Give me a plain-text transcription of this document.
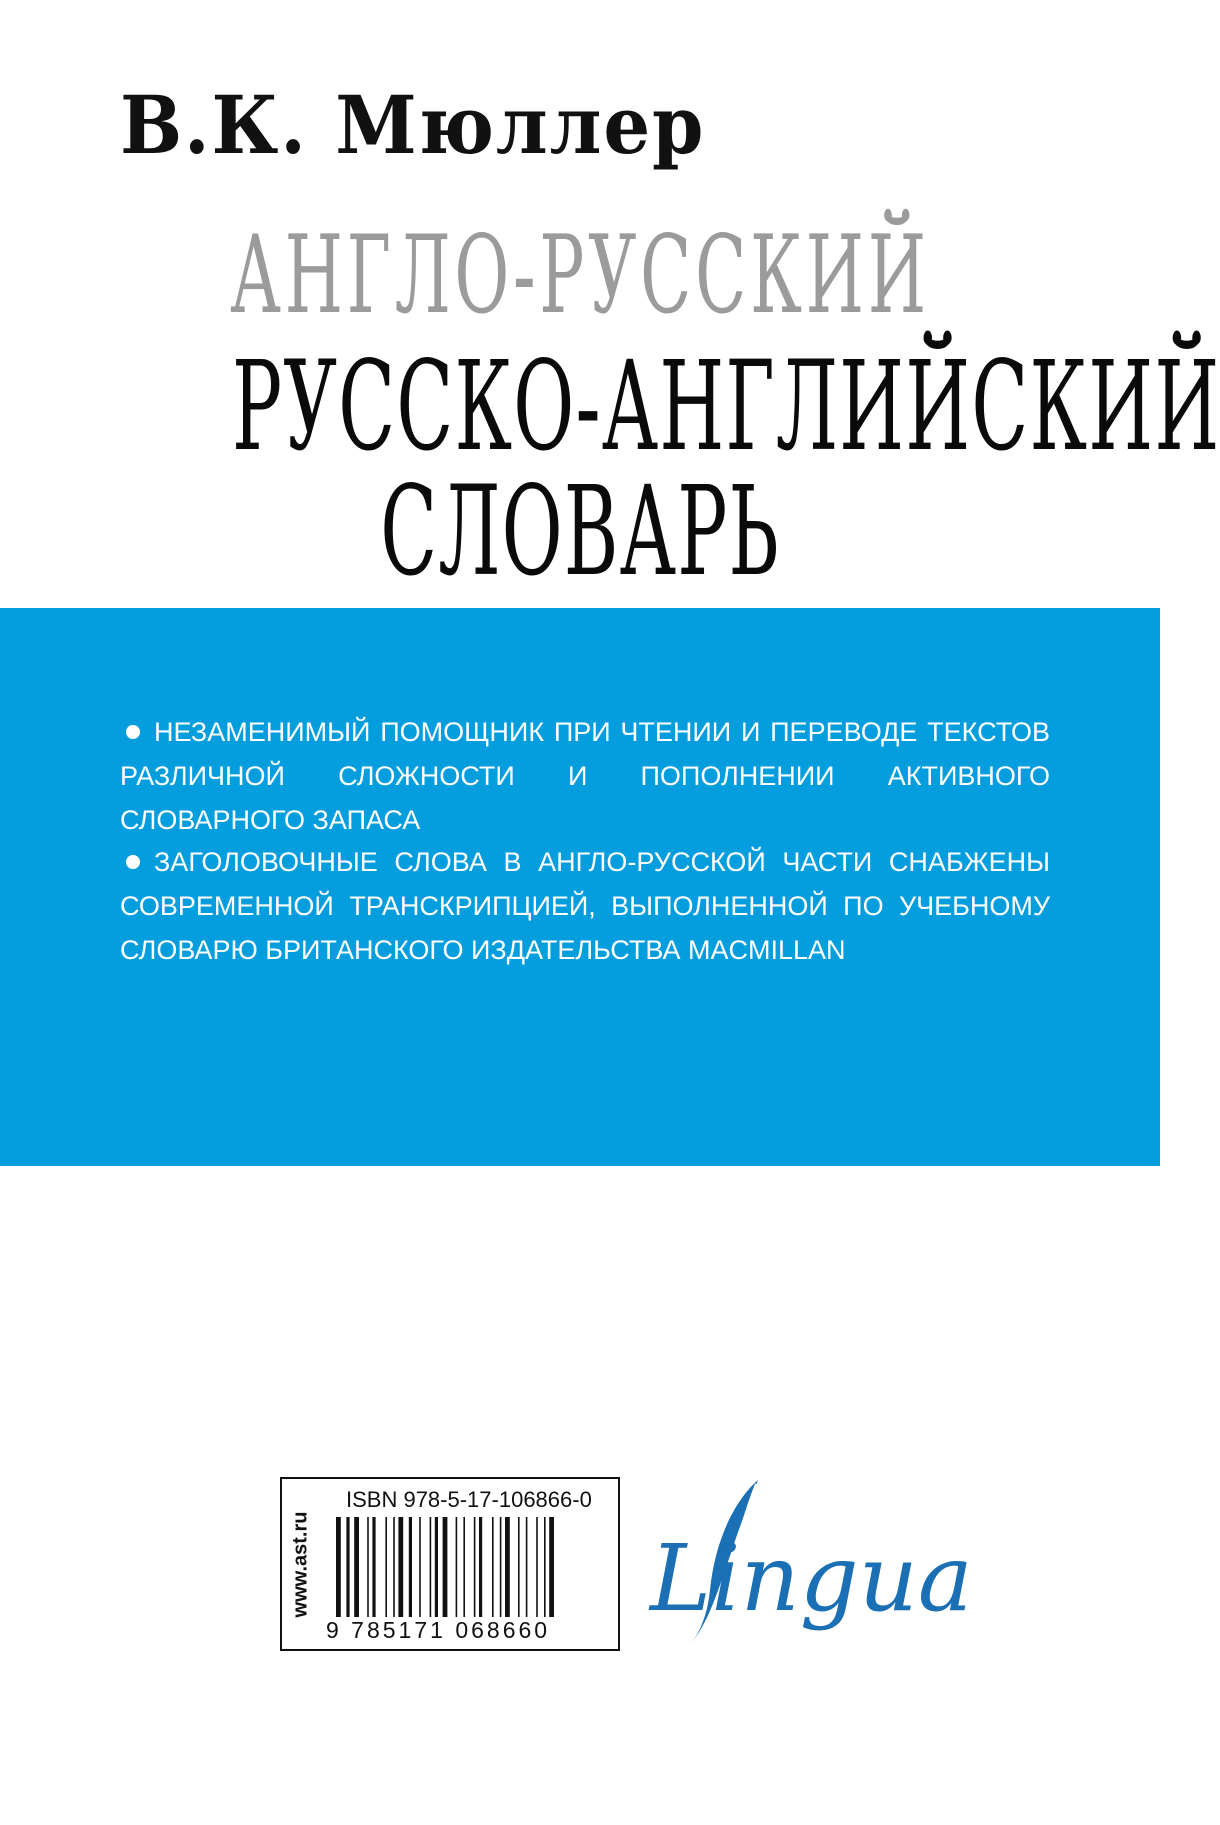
В.К. Мюллер
АНГЛО-РУССКИЙ
РУССКО-АНГЛИЙСКИЙ
СЛОВАРЬ
НЕЗАМЕНИМЫЙ ПОМОЩНИК ПРИ ЧТЕНИИ И ПЕРЕВОДЕ ТЕКСТОВ РАЗЛИЧНОЙ СЛОЖНОСТИ И ПОПОЛНЕНИИ АКТИВНОГО СЛОВАРНОГО ЗАПАСА
ЗАГОЛОВОЧНЫЕ СЛОВА В АНГЛО-РУССКОЙ ЧАСТИ СНАБЖЕНЫ СОВРЕМЕННОЙ ТРАНСКРИПЦИЕЙ, ВЫПОЛНЕННОЙ ПО УЧЕБНОМУ СЛОВАРЮ БРИТАНСКОГО ИЗДАТЕЛЬСТВА MACMILLAN
www.ast.ru
ISBN 978-5-17-106866-0
9 785171 068660 Lingua
